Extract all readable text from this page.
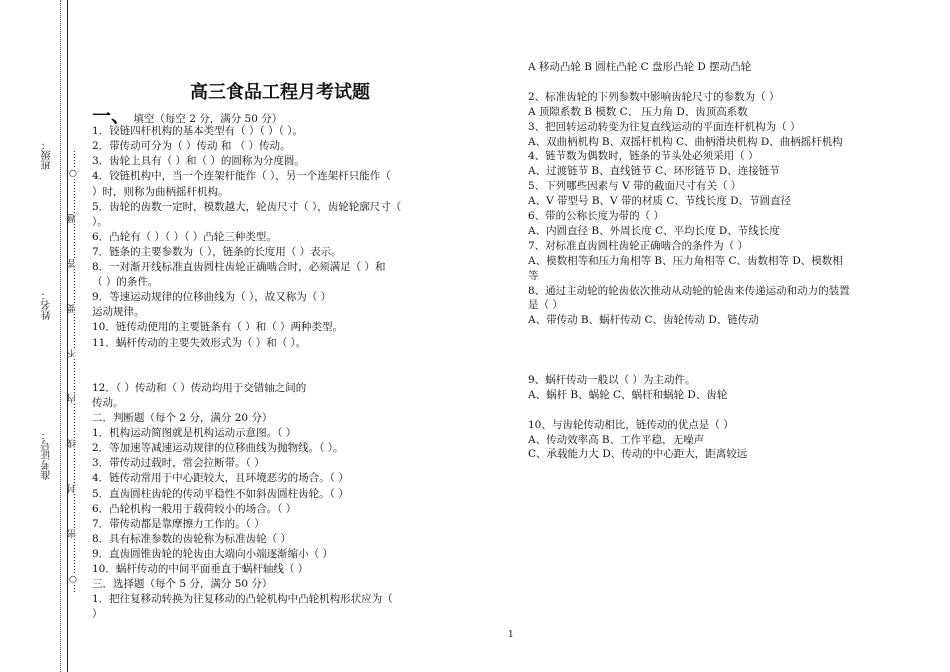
班级：
姓名：
准考证号： …○…………密…………封…………线…………内…………不…………要…………答…………题…………○……
高三食品工程月考试题
一、 填空（每空 2 分，满分 50 分）
1．铰链四杆机构的基本类型有（ ）（ ）（ ）。
2．带传动可分为（ ）传动 和 （ ）传动。
3．齿轮上具有（ ）和（ ）的圆称为分度圆。
4．铰链机构中，当一个连架杆能作（ ），另一个连架杆只能作（
）时，则称为曲柄摇杆机构。
5．齿轮的齿数一定时，模数越大，轮齿尺寸（ ），齿轮轮廓尺寸（
）。
6．凸轮有（ ）（ ）（ ）凸轮三种类型。
7．链条的主要参数为（ ），链条的长度用（ ）表示。
8．一对渐开线标准直齿圆柱齿轮正确啮合时，必须满足（ ）和
（ ）的条件。
9．等速运动规律的位移曲线为（ ），故又称为（ ）
运动规律。
10．链传动使用的主要链条有（ ）和（ ）两种类型。
11．蜗杆传动的主要失效形式为（ ）和（ ）。
12．（ ）传动和（ ）传动均用于交错轴之间的
传动。
二．判断题（每个 2 分，满分 20 分）
1．机构运动简图就是机构运动示意图。（ ）
2．等加速等减速运动规律的位移曲线为抛物线。（ ）。
3．带传动过载时，常会拉断带。（ ）
4．链传动常用于中心距较大，且环境恶劣的场合。（ ）
5．直齿圆柱齿轮的传动平稳性不如斜齿圆柱齿轮。（ ）
6．凸轮机构一般用于载荷较小的场合。（ ）
7．带传动都是靠摩擦力工作的。（ ）
8．具有标准参数的齿轮称为标准齿轮（ ）
9．直齿圆锥齿轮的轮齿由大端向小端逐渐缩小（ ）
10．蜗杆传动的中间平面垂直于蜗杆轴线（ ）
三．选择题（每个 5 分，满分 50 分）
1．把往复移动转换为往复移动的凸轮机构中凸轮机构形状应为（
）
A 移动凸轮 B 圆柱凸轮 C 盘形凸轮 D 摆动凸轮
2、标准齿轮的下列参数中影响齿轮尺寸的参数为（ ）
A 顶隙系数 B 模数 C、 压力角 D、齿顶高系数
3、把回转运动转变为往复直线运动的平面连杆机构为（ ）
A、双曲柄机构 B、双摇杆机构 C、曲柄滑块机构 D、曲柄摇杆机构
4、链节数为偶数时，链条的节头处必须采用（ ）
A、过渡链节 B、直线链节 C、环形链节 D、连接链节
5、下列哪些因素与 V 带的截面尺寸有关（ ）
A、V 带型号 B、V 带的材质 C、节线长度 D、节圆直径
6、带的公称长度为带的（ ）
A、内圆直径 B、外周长度 C、平均长度 D、节线长度
7、对标准直齿圆柱齿轮正确啮合的条件为（ ）
A、模数相等和压力角相等 B、压力角相等 C、齿数相等 D、模数相
等
8、通过主动轮的轮齿依次推动从动轮的轮齿来传递运动和动力的装置
是（ ）
A、带传动 B、蜗杆传动 C、齿轮传动 D、链传动
9、蜗杆传动一般以（ ）为主动件。
A、蜗杆 B、蜗轮 C、蜗杆和蜗轮 D、齿轮
10、与齿轮传动相比，链传动的优点是（ ）
A、传动效率高 B、工作平稳，无噪声
C、承载能力大 D、传动的中心距大，距离较远
1
